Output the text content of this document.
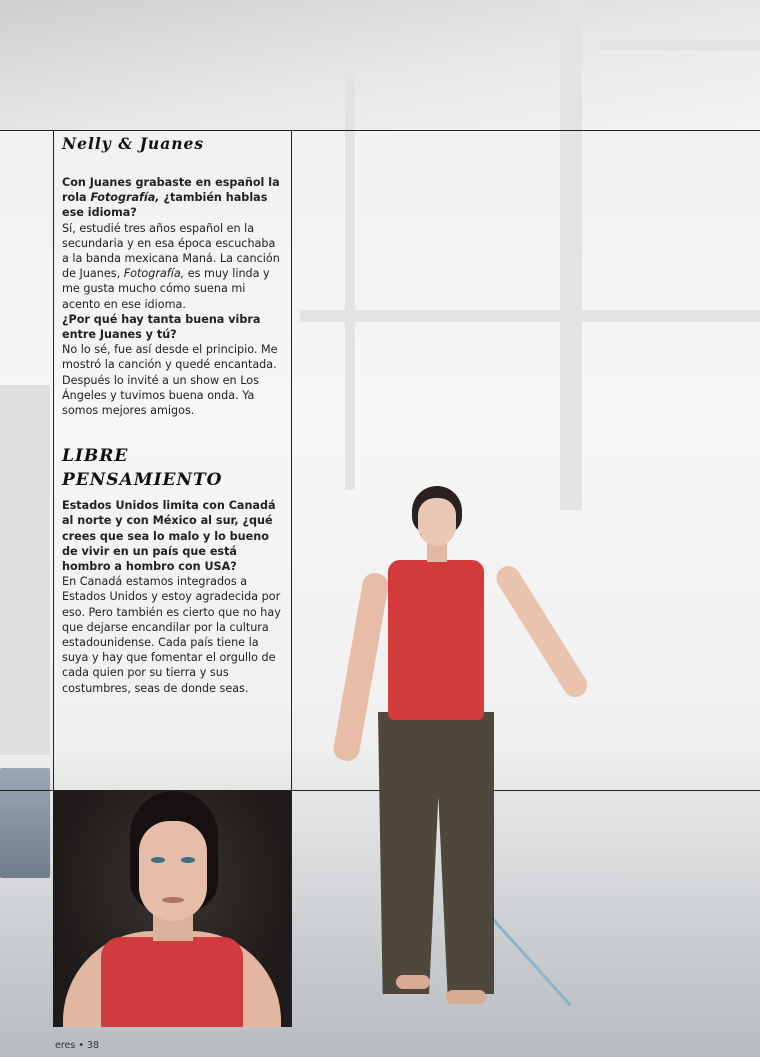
Nelly & Juanes

Con Juanes grabaste en español la rola Fotografía, ¿también hablas ese idioma?
Sí, estudié tres años español en la secundaria y en esa época escuchaba a la banda mexicana Maná. La canción de Juanes, Fotografía, es muy linda y me gusta mucho cómo suena mi acento en ese idioma.
¿Por qué hay tanta buena vibra entre Juanes y tú?
No lo sé, fue así desde el principio. Me mostró la canción y quedé encantada. Después lo invité a un show en Los Ángeles y tuvimos buena onda. Ya somos mejores amigos.

LIBRE
PENSAMIENTO

Estados Unidos limita con Canadá al norte y con México al sur, ¿qué crees que sea lo malo y lo bueno de vivir en un país que está hombro a hombro con USA?
En Canadá estamos integrados a Estados Unidos y estoy agradecida por eso. Pero también es cierto que no hay que dejarse encandilar por la cultura estadounidense. Cada país tiene la suya y hay que fomentar el orgullo de cada quien por su tierra y sus costumbres, seas de donde seas.

eres • 38
